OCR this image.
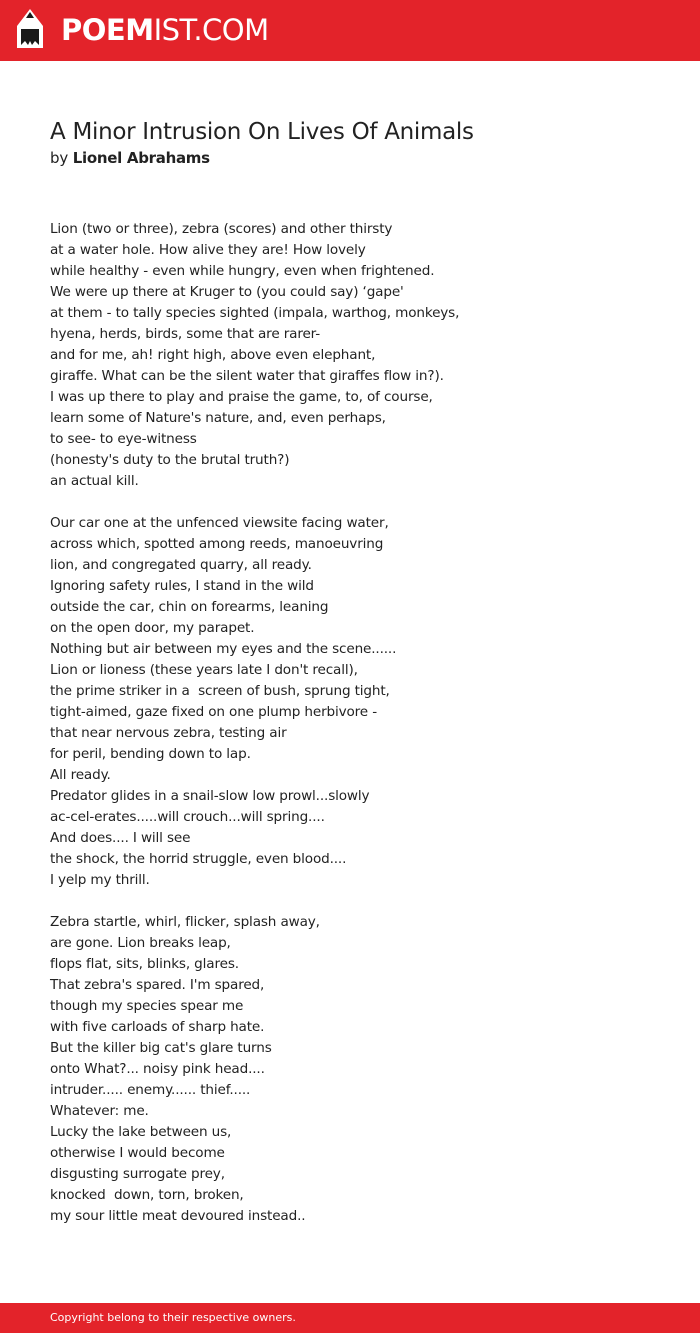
POEMIST.COM
A Minor Intrusion On Lives Of Animals
by Lionel Abrahams
Lion (two or three), zebra (scores) and other thirsty
at a water hole. How alive they are! How lovely
while healthy - even while hungry, even when frightened.
We were up there at Kruger to (you could say) ‘gape'
at them - to tally species sighted (impala, warthog, monkeys,
hyena, herds, birds, some that are rarer-
and for me, ah! right high, above even elephant,
giraffe. What can be the silent water that giraffes flow in?).
I was up there to play and praise the game, to, of course,
learn some of Nature's nature, and, even perhaps,
to see- to eye-witness
(honesty's duty to the brutal truth?)
an actual kill.
Our car one at the unfenced viewsite facing water,
across which, spotted among reeds, manoeuvring
lion, and congregated quarry, all ready.
Ignoring safety rules, I stand in the wild
outside the car, chin on forearms, leaning
on the open door, my parapet.
Nothing but air between my eyes and the scene......
Lion or lioness (these years late I don't recall),
the prime striker in a  screen of bush, sprung tight,
tight-aimed, gaze fixed on one plump herbivore -
that near nervous zebra, testing air
for peril, bending down to lap.
All ready.
Predator glides in a snail-slow low prowl...slowly
ac-cel-erates.....will crouch...will spring....
And does.... I will see
the shock, the horrid struggle, even blood....
I yelp my thrill.
Zebra startle, whirl, flicker, splash away,
are gone. Lion breaks leap,
flops flat, sits, blinks, glares.
That zebra's spared. I'm spared,
though my species spear me
with five carloads of sharp hate.
But the killer big cat's glare turns
onto What?... noisy pink head....
intruder..... enemy...... thief.....
Whatever: me.
Lucky the lake between us,
otherwise I would become
disgusting surrogate prey,
knocked  down, torn, broken,
my sour little meat devoured instead..
Copyright belong to their respective owners.
